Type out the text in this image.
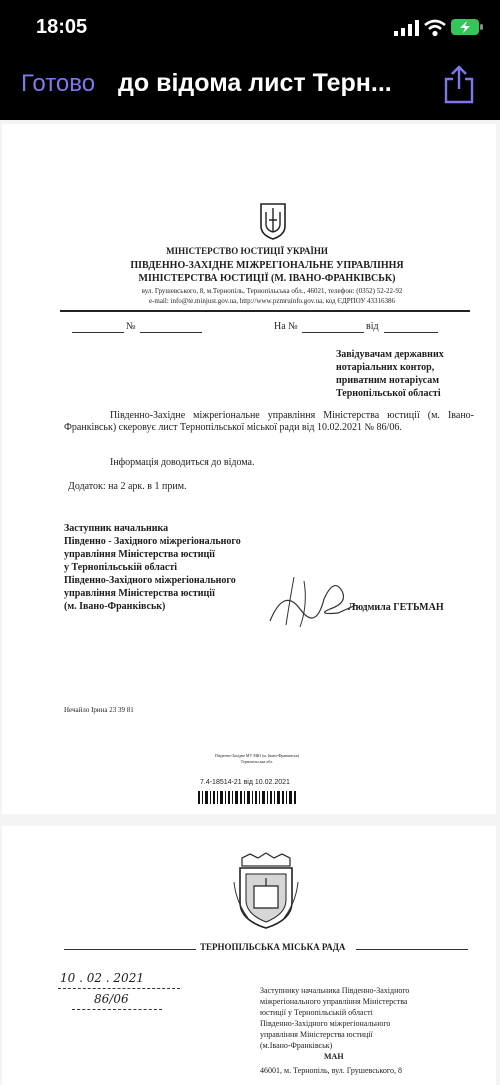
18:05
Готово до відома лист Терн...
МІНІСТЕРСТВО ЮСТИЦІЇ УКРАЇНИ
ПІВДЕННО-ЗАХІДНЕ МІЖРЕГІОНАЛЬНЕ УПРАВЛІННЯ
МІНІСТЕРСТВА ЮСТИЦІЇ (М. ІВАНО-ФРАНКІВСЬК)
вул. Грушевського, 8, м.Тернопіль, Тернопільська обл., 46021, телефон: (0352) 52-22-92
e-mail: info@te.minjust.gov.ua, http://www.pzmruinfo.gov.ua, код ЄДРПОУ 43316386
№	На №	від
Завідувачам державних
нотаріальних контор,
приватним нотаріусам
Тернопільської області
Південно-Західне міжрегіональне управління Міністерства юстиції (м. Івано-Франківськ) скеровує лист Тернопільської міської ради від 10.02.2021 № 86/06.
Інформація доводиться до відома.
Додаток: на 2 арк. в 1 прим.
Заступник начальника
Південно - Західного міжрегіонального
управління Міністерства юстиції
у Тернопільській області
Південно-Західного міжрегіонального
управління Міністерства юстиції
(м. Івано-Франківськ)	Людмила ГЕТЬМАН
Нечайло Ірина 23 39 81
Південно-Західне МУ МЮ (м. Івано-Франківськ)
Тернопільська обл.
7.4-18514-21 від 10.02.2021
ТЕРНОПІЛЬСЬКА МІСЬКА РАДА
10 . 02 . 2021
86/06
Заступнику начальника Південно-Західного
міжрегіонального управління Міністерства
юстиції у Тернопільській області
Південно-Західного міжрегіонального
управління Міністерства юстиції
(м.Івано-Франківськ)
МАН
46001, м. Тернопіль, вул. Грушевського, 8
